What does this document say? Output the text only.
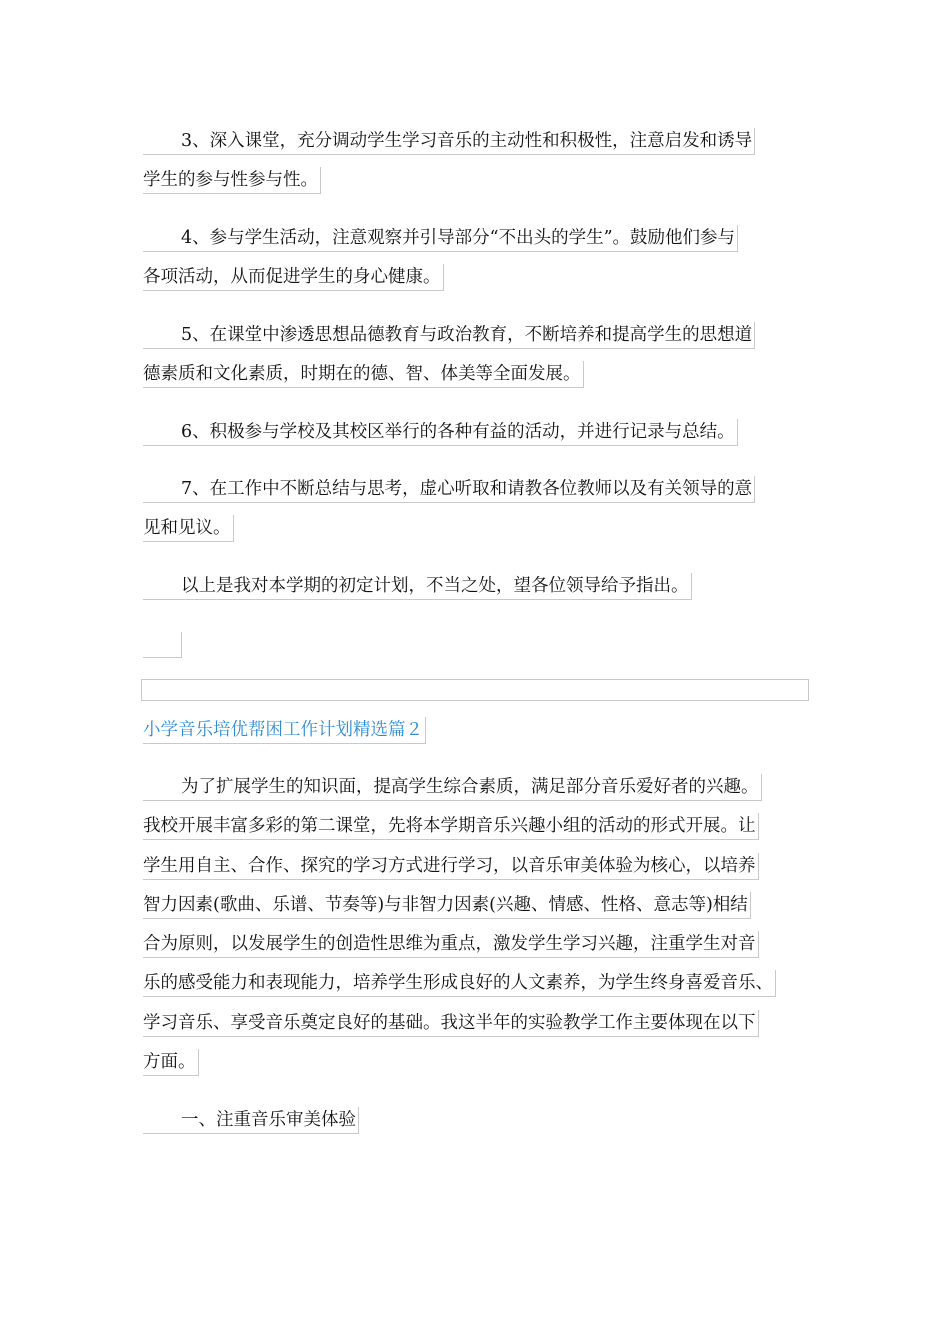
3、深入课堂，充分调动学生学习音乐的主动性和积极性，注意启发和诱导
学生的参与性参与性。
4、参与学生活动，注意观察并引导部分“不出头的学生”。鼓励他们参与
各项活动，从而促进学生的身心健康。
5、在课堂中渗透思想品德教育与政治教育，不断培养和提高学生的思想道
德素质和文化素质，时期在的德、智、体美等全面发展。
6、积极参与学校及其校区举行的各种有益的活动，并进行记录与总结。
7、在工作中不断总结与思考，虚心听取和请教各位教师以及有关领导的意
见和见议。
以上是我对本学期的初定计划，不当之处，望各位领导给予指出。
小学音乐培优帮困工作计划精选篇２
为了扩展学生的知识面，提高学生综合素质，满足部分音乐爱好者的兴趣。
我校开展丰富多彩的第二课堂，先将本学期音乐兴趣小组的活动的形式开展。让
学生用自主、合作、探究的学习方式进行学习，以音乐审美体验为核心，以培养
智力因素(歌曲、乐谱、节奏等)与非智力因素(兴趣、情感、性格、意志等)相结
合为原则，以发展学生的创造性思维为重点，激发学生学习兴趣，注重学生对音
乐的感受能力和表现能力，培养学生形成良好的人文素养，为学生终身喜爱音乐、
学习音乐、享受音乐奠定良好的基础。我这半年的实验教学工作主要体现在以下
方面。
一、注重音乐审美体验
